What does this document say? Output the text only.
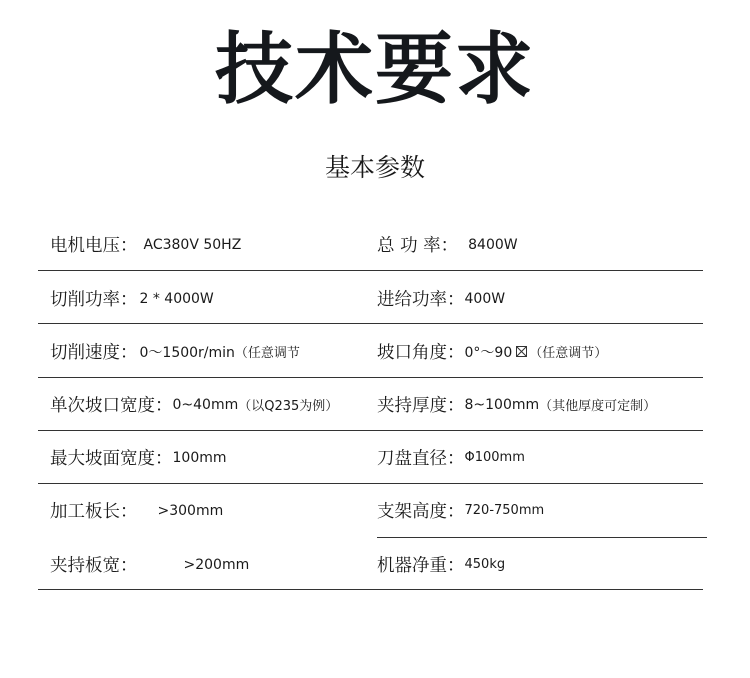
技术要求
基本参数
电机电压： AC380V 50HZ	总 功 率： 8400W
切削功率： 2 * 4000W	进给功率： 400W
切削速度： 0～1500r/min （任意调节	坡口角度： 0°～90 （任意调节）
单次坡口宽度： 0~40mm （以Q235为例） 夹持厚度： 8~100mm （其他厚度可定制）
最大坡面宽度： 100mm	刀盘直径： Φ100mm
加工板长： >300mm	支架高度： 720-750mm
夹持板宽：	>200mm	机器净重： 450kg
